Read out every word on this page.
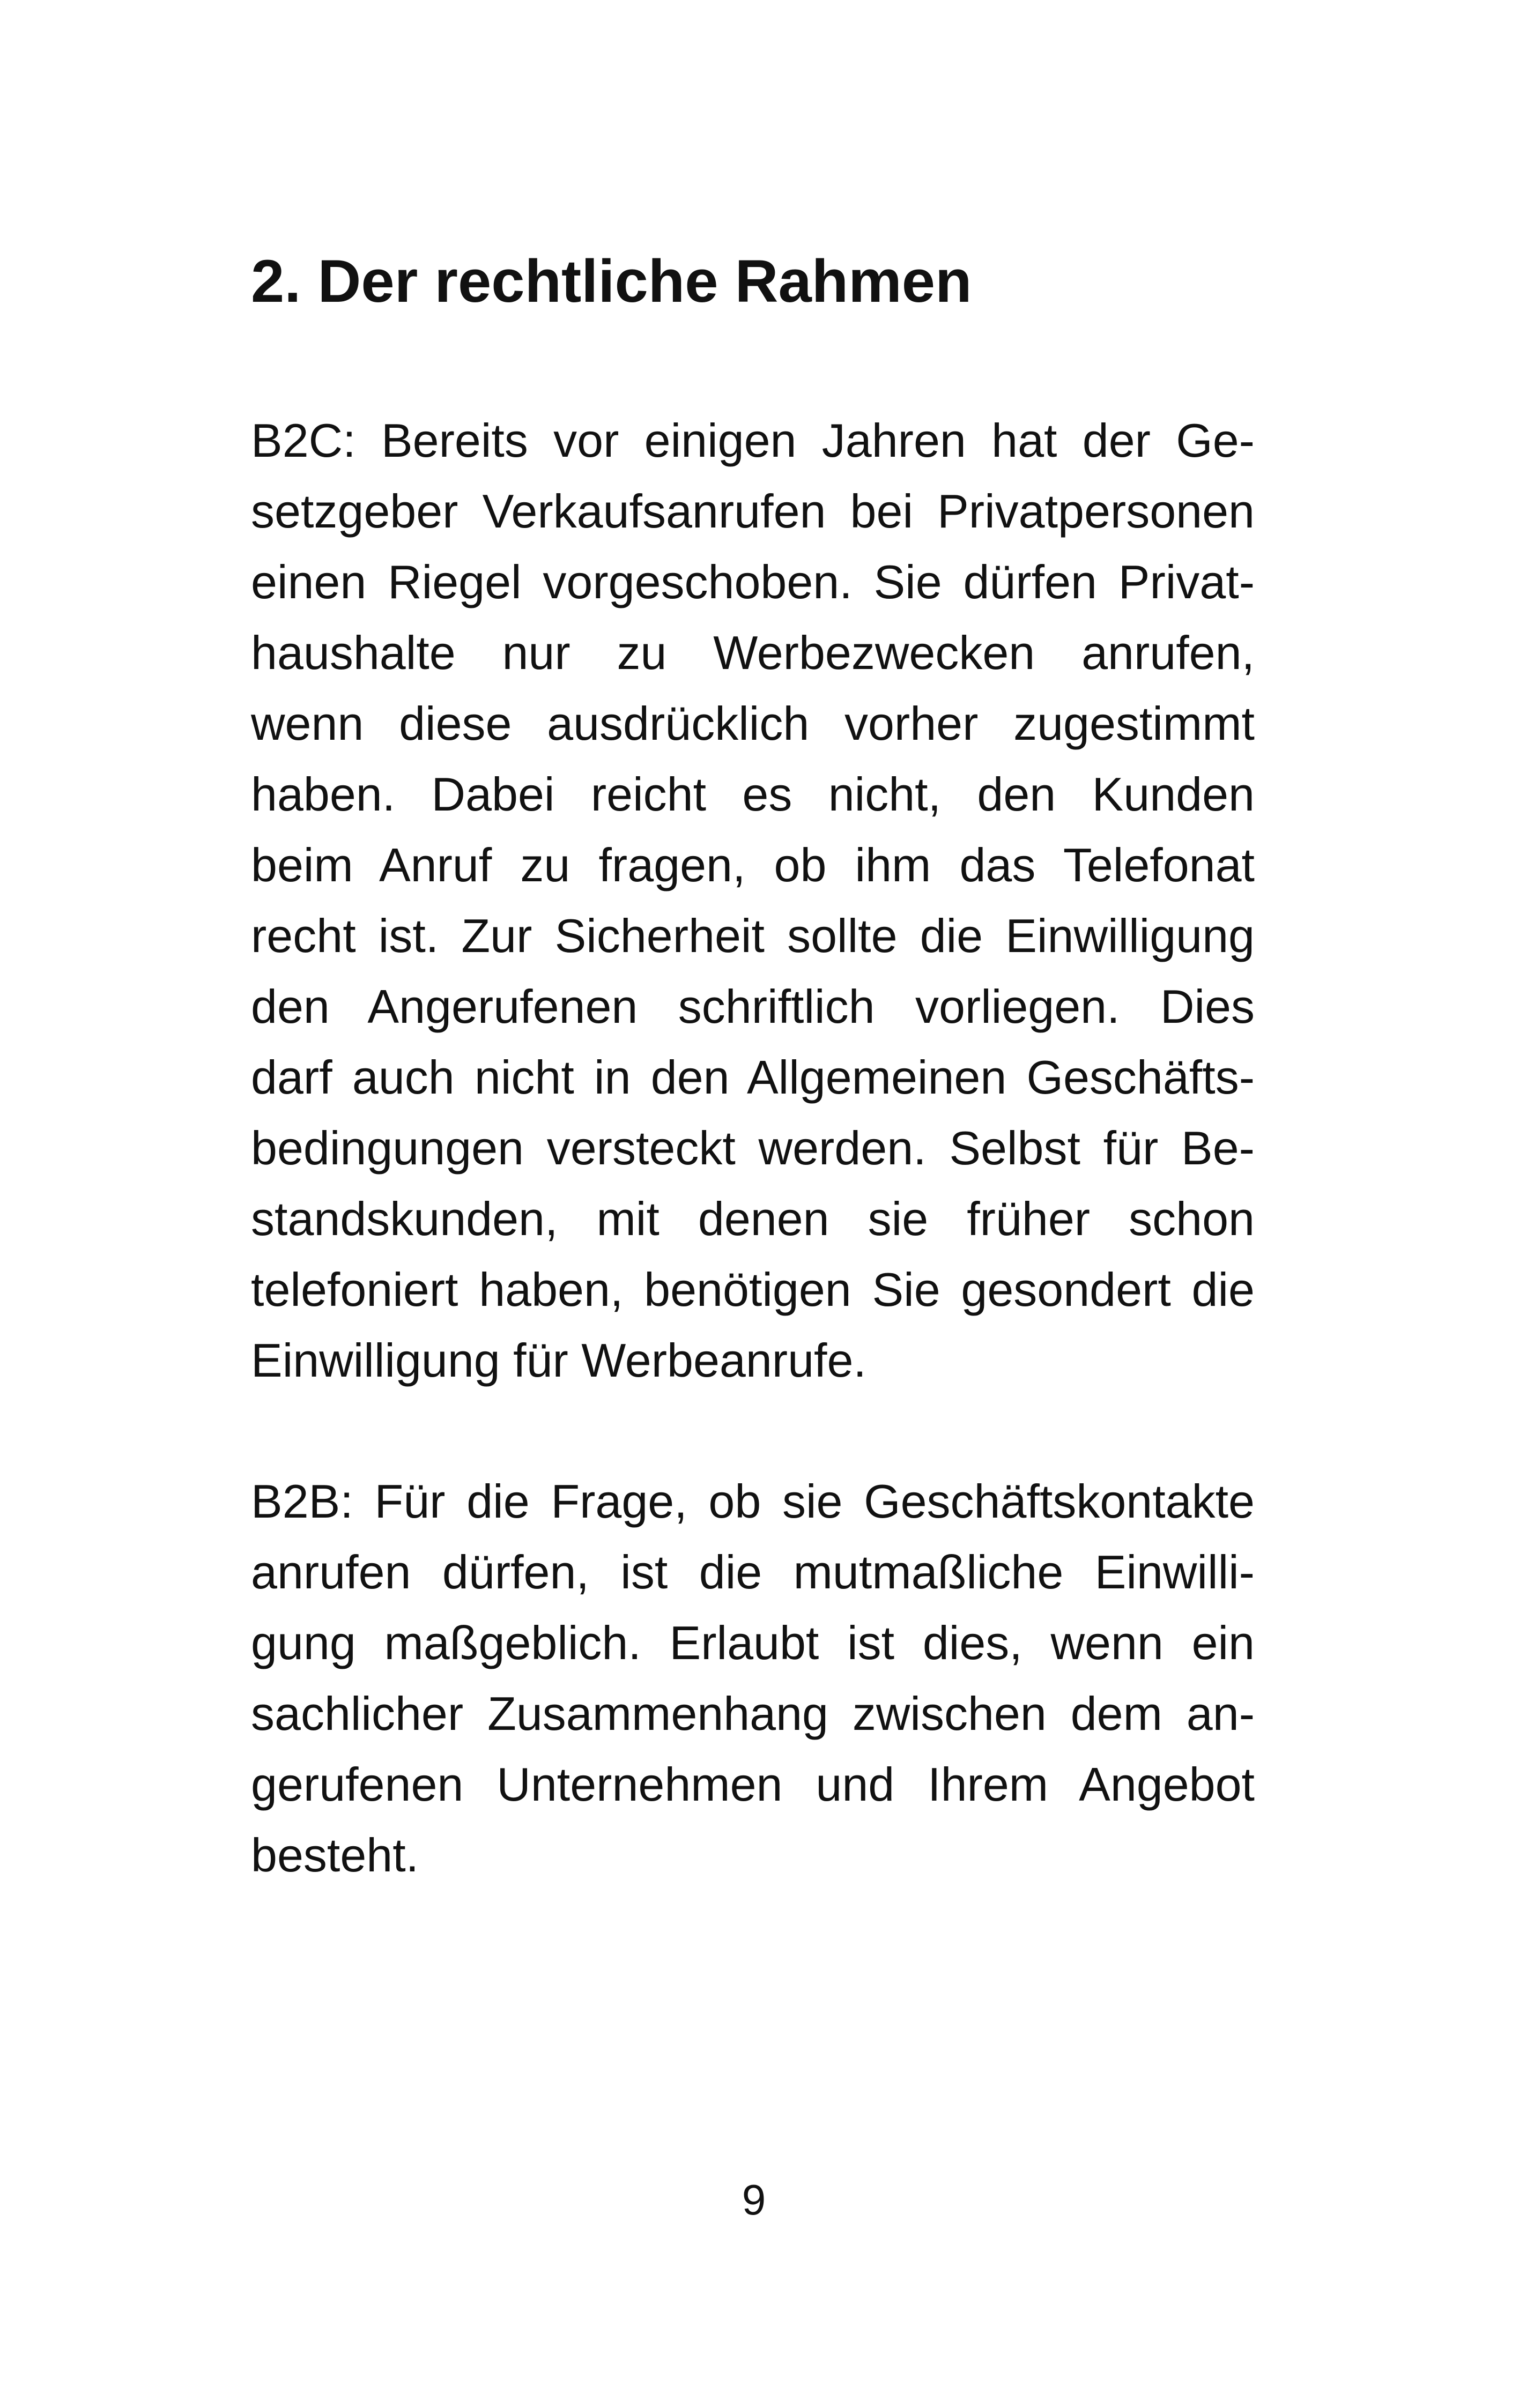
2. Der rechtliche Rahmen
B2C: Bereits vor einigen Jahren hat der Ge-
setzgeber Verkaufsanrufen bei Privatpersonen
einen Riegel vorgeschoben. Sie dürfen Privat-
haushalte nur zu Werbezwecken anrufen,
wenn diese ausdrücklich vorher zugestimmt
haben. Dabei reicht es nicht, den Kunden
beim Anruf zu fragen, ob ihm das Telefonat
recht ist. Zur Sicherheit sollte die Einwilligung
den Angerufenen schriftlich vorliegen. Dies
darf auch nicht in den Allgemeinen Geschäfts-
bedingungen versteckt werden. Selbst für Be-
standskunden, mit denen sie früher schon
telefoniert haben, benötigen Sie gesondert die
Einwilligung für Werbeanrufe.
B2B: Für die Frage, ob sie Geschäftskontakte
anrufen dürfen, ist die mutmaßliche Einwilli-
gung maßgeblich. Erlaubt ist dies, wenn ein
sachlicher Zusammenhang zwischen dem an-
gerufenen Unternehmen und Ihrem Angebot
besteht.
9
